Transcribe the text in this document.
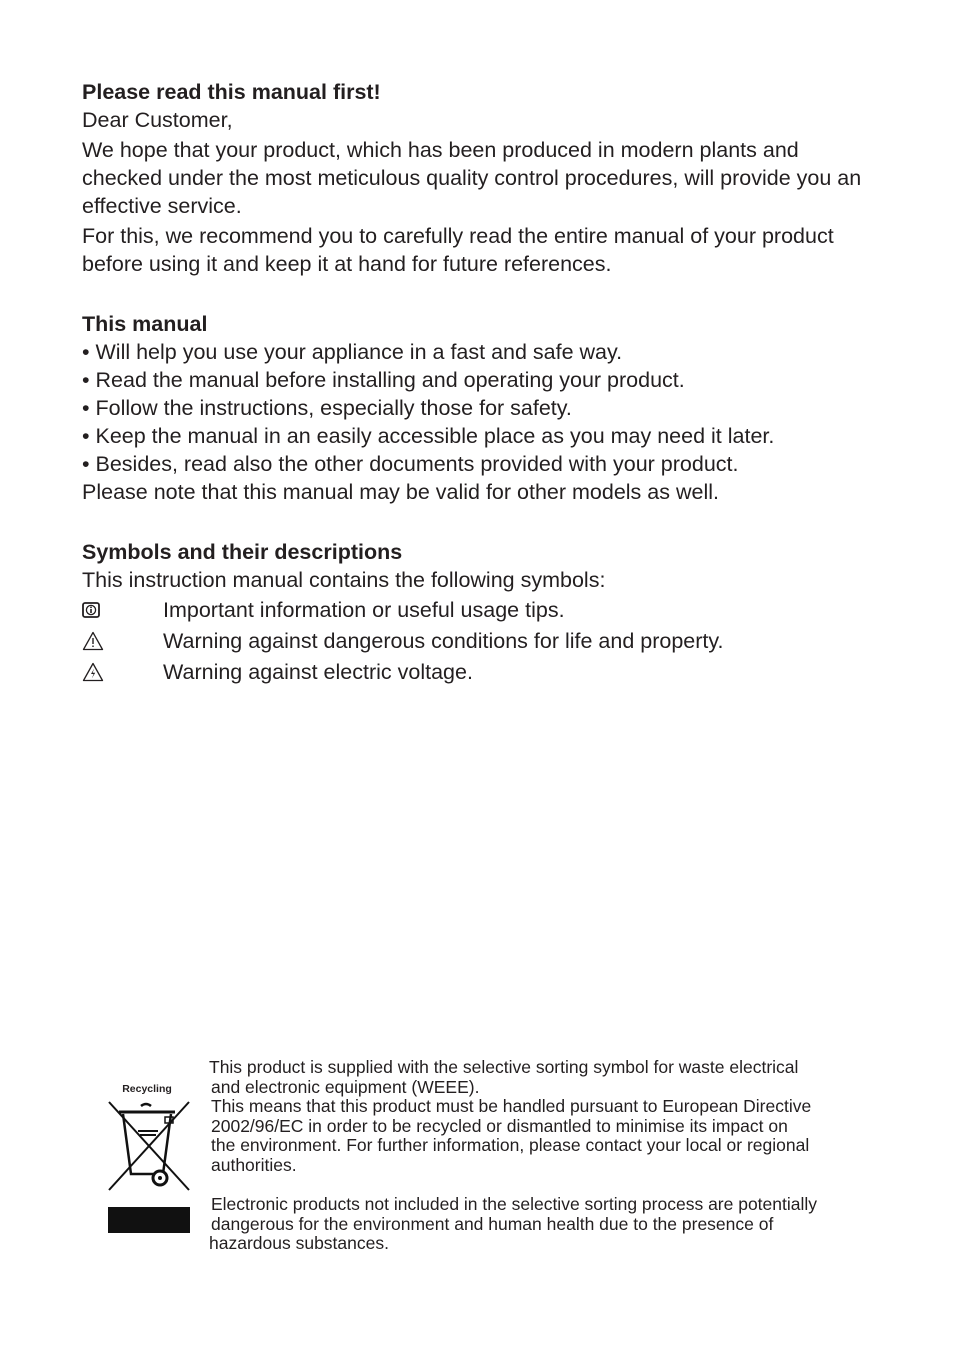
Please read this manual first!

Dear Customer,

We hope that your product, which has been produced in modern plants and checked under the most meticulous quality control procedures, will provide you an effective service.

For this, we recommend you to carefully read the entire manual of your product before using it and keep it at hand for future references.

This manual

• Will help you use your appliance in a fast and safe way.

• Read the manual before installing and operating your product.

• Follow the instructions, especially those for safety.

• Keep the manual in an easily accessible place as you may need it later.

• Besides, read also the other documents provided with your product.

Please note that this manual may be valid for other models as well.

Symbols and their descriptions

This instruction manual contains the following symbols:

Important information or useful usage tips.
Warning against dangerous conditions for life and property.
Warning against electric voltage.
Recycling

This product is supplied with the selective sorting symbol for waste electrical

and electronic equipment (WEEE).

This means that this product must be handled pursuant to European Directive

2002/96/EC in order to be recycled or dismantled to minimise its impact on

the environment. For further information, please contact your local or regional

authorities.

Electronic products not included in the selective sorting process are potentially

dangerous for the environment and human health due to the presence of

hazardous substances.
